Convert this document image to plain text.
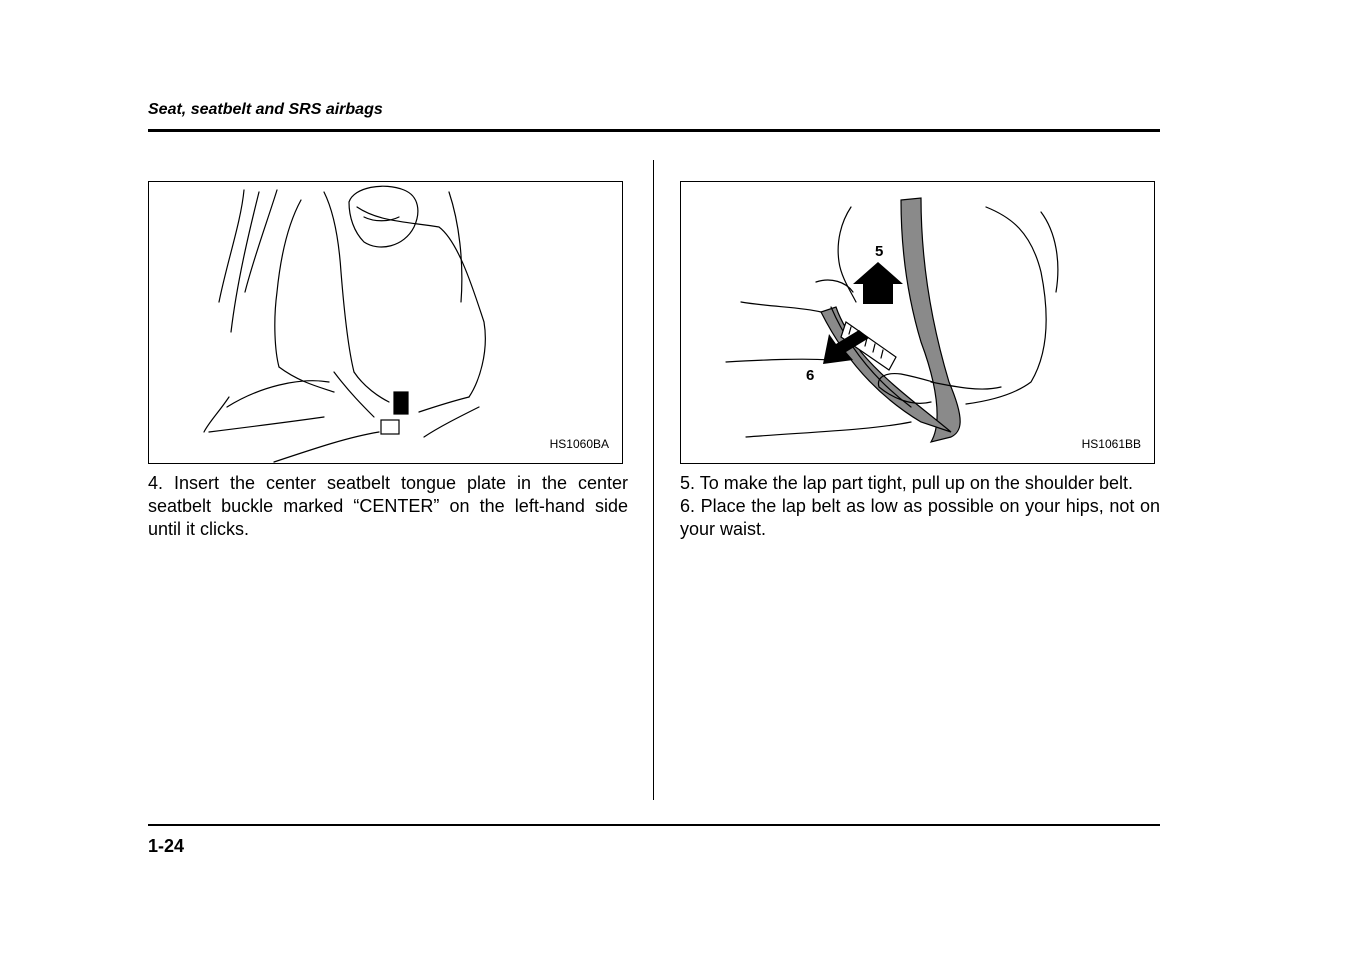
Seat, seatbelt and SRS airbags
HS1060BA

4. Insert the center seatbelt tongue plate in the center seatbelt buckle marked “CENTER” on the left-hand side until it clicks.

5
6
HS1061BB

5. To make the lap part tight, pull up on the shoulder belt.

6. Place the lap belt as low as possible on your hips, not on your waist.

1-24
